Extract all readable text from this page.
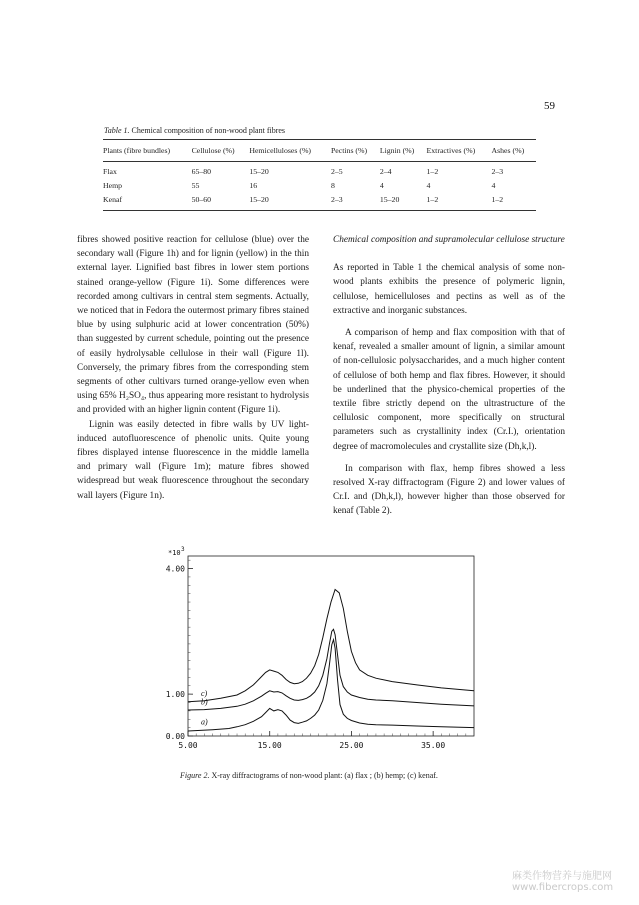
59
Table 1. Chemical composition of non-wood plant fibres
Plants (fibre bundles)	Cellulose (%)	Hemicelluloses (%)	Pectins (%)	Lignin (%)	Extractives (%)	Ashes (%)
Flax	65–80	15–20	2–5	2–4	1–2	2–3
Hemp	55	16	8	4	4	4
Kenaf	50–60	15–20	2–3	15–20	1–2	1–2

fibres showed positive reaction for cellulose (blue) over the secondary wall (Figure 1h) and for lignin (yellow) in the thin external layer. Lignified bast fibres in lower stem portions stained orange-yellow (Figure 1i). Some differences were recorded among cultivars in central stem segments. Actually, we noticed that in Fedora the outermost primary fibres stained blue by using sulphuric acid at lower concentration (50%) than suggested by current schedule, pointing out the presence of easily hydrolysable cellulose in their wall (Figure 1l). Conversely, the primary fibres from the corresponding stem segments of other cultivars turned orange-yellow even when using 65% H₂SO₄, thus appearing more resistant to hydrolysis and provided with an higher lignin content (Figure 1i).

Lignin was easily detected in fibre walls by UV light-induced autofluorescence of phenolic units. Quite young fibres displayed intense fluorescence in the middle lamella and primary wall (Figure 1m); mature fibres showed widespread but weak fluorescence throughout the secondary wall layers (Figure 1n).

Chemical composition and supramolecular cellulose structure

As reported in Table 1 the chemical analysis of some non-wood plants exhibits the presence of polymeric lignin, cellulose, hemicelluloses and pectins as well as of the extractive and inorganic substances.

A comparison of hemp and flax composition with that of kenaf, revealed a smaller amount of lignin, a similar amount of non-cellulosic polysaccharides, and a much higher content of cellulose of both hemp and flax fibres. However, it should be underlined that the physico-chemical properties of the textile fibre strictly depend on the ultrastructure of the cellulosic component, more specifically on structural parameters such as crystallinity index (Cr.I.), orientation degree of macromolecules and crystallite size (Dh,k,l).

In comparison with flax, hemp fibres showed a less resolved X-ray diffractogram (Figure 2) and lower values of Cr.I. and (Dh,k,l), however higher than those observed for kenaf (Table 2).

*10 3
0.00
1.00
4.00
5.00	15.00	25.00	35.00
a)
b)
c)
Figure 2. X-ray diffractograms of non-wood plant: (a) flax ; (b) hemp; (c) kenaf.
麻类作物营养与施肥网
www.fibercrops.com
